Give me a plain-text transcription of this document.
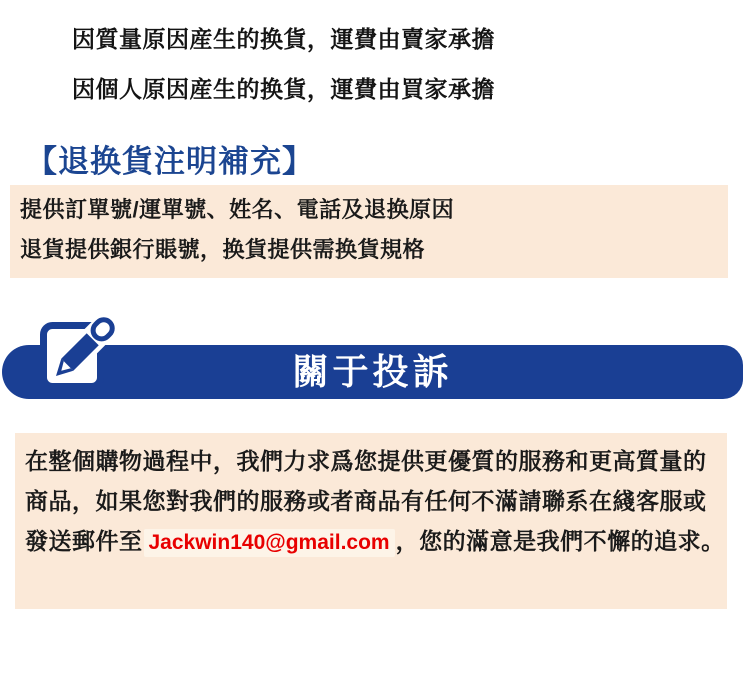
因質量原因産生的换貨，運費由賣家承擔
因個人原因産生的换貨，運費由買家承擔
【退换貨注明補充】
提供訂單號/運單號、姓名、電話及退换原因
退貨提供銀行賬號，换貨提供需换貨規格
關于投訴
在整個購物過程中，我們力求爲您提供更優質的服務和更高質量的
商品，如果您對我們的服務或者商品有任何不滿請聯系在綫客服或
發送郵件至 Jackwin140@gmail.com ，您的滿意是我們不懈的追求。
